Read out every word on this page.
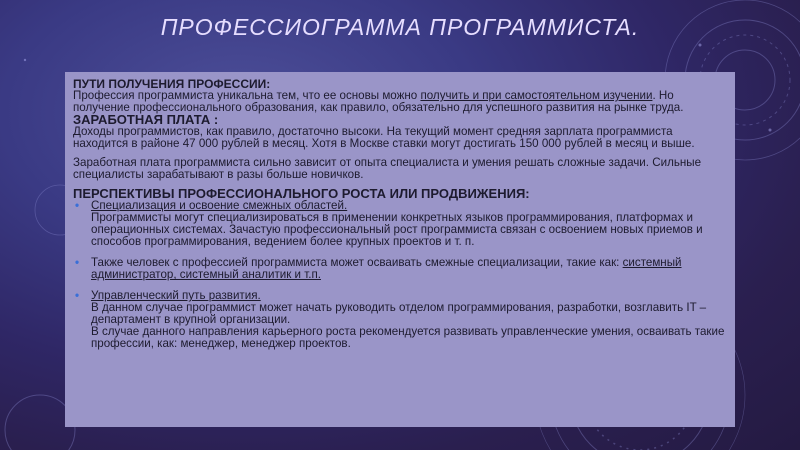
ПРОФЕССИОГРАММА ПРОГРАММИСТА.
ПУТИ ПОЛУЧЕНИЯ ПРОФЕССИИ:

Профессия программиста уникальна тем, что ее основы можно получить и при самостоятельном изучении. Но получение профессионального образования, как правило, обязательно для успешного развития на рынке труда.

ЗАРАБОТНАЯ ПЛАТА :

Доходы программистов, как правило, достаточно высоки. На текущий момент средняя зарплата программиста находится в районе 47 000 рублей в месяц. Хотя в Москве ставки могут достигать 150 000 рублей в месяц и выше.

Заработная плата программиста сильно зависит от опыта специалиста и умения решать сложные задачи. Сильные специалисты зарабатывают в разы больше новичков.

ПЕРСПЕКТИВЫ ПРОФЕССИОНАЛЬНОГО РОСТА ИЛИ ПРОДВИЖЕНИЯ:
• Специализация и освоение смежных областей.

Программисты могут специализироваться в применении конкретных языков программирования, платформах и операционных системах. Зачастую профессиональный рост программиста связан с освоением новых приемов и способов программирования, ведением более крупных проектов и т. п.

• Также человек с профессией программиста может осваивать смежные специализации, такие как: системный администратор, системный аналитик и т.п.

• Управленческий путь развития.

В данном случае программист может начать руководить отделом программирования, разработки, возглавить IT – департамент в крупной организации.

В случае данного направления карьерного роста рекомендуется развивать управленческие умения, осваивать такие профессии, как: менеджер, менеджер проектов.
